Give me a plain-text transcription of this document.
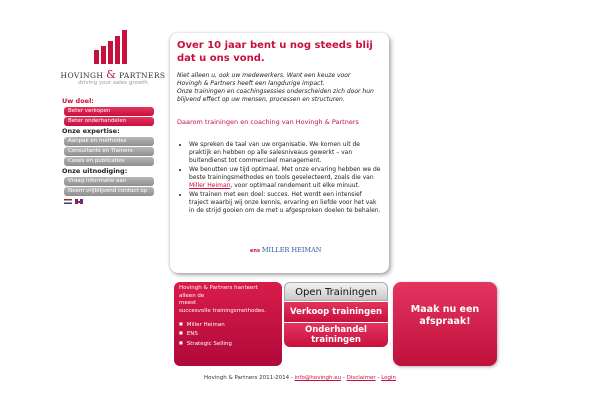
HOVINGH & PARTNERS
driving your sales growth
Uw doel:
Beter verkopen
Beter onderhandelen
Onze expertise:
Aanpak en methodes
Consultants en Trainers
Cases en publicaties
Onze uitnodiging:
Vraag informatie aan
Neem vrijblijvend contact op
Over 10 jaar bent u nog steeds blij dat u ons vond.
Niet alleen u, ook uw medewerkers. Want een keuze voor
Hovingh & Partners heeft een langdurige impact.
Onze trainingen en coachingsessies onderscheiden zich door hun
blijvend effect op uw mensen, processen en structuren.
Daarom trainingen en coaching van Hovingh & Partners
• We spreken de taal van uw organisatie. We komen uit de praktijk en hebben op alle salesniveaus gewerkt – van buitendienst tot commercieel management.
• We benutten uw tijd optimaal. Met onze ervaring hebben we de beste trainingsmethodes en tools geselecteerd, zoals die van Miller Heiman, voor optimaal rendement uit elke minuut.
• We trainen met een doel: succes. Het wordt een intensief traject waarbij wij onze kennis, ervaring en liefde voor het vak in de strijd gooien om de met u afgesproken doelen te behalen.
ens MILLER HEIMAN
Hovingh & Partners hanteert
alleen de
meest
succesvolle trainingsmethodes.
■ Miller Heiman
■ ENS
■ Strategic Selling
Open Trainingen
Verkoop trainingen
Onderhandel
trainingen
Maak nu een
afspraak!
Hovingh & Partners 2011-2014 - info@hovingh.eu - Disclaimer - Login
